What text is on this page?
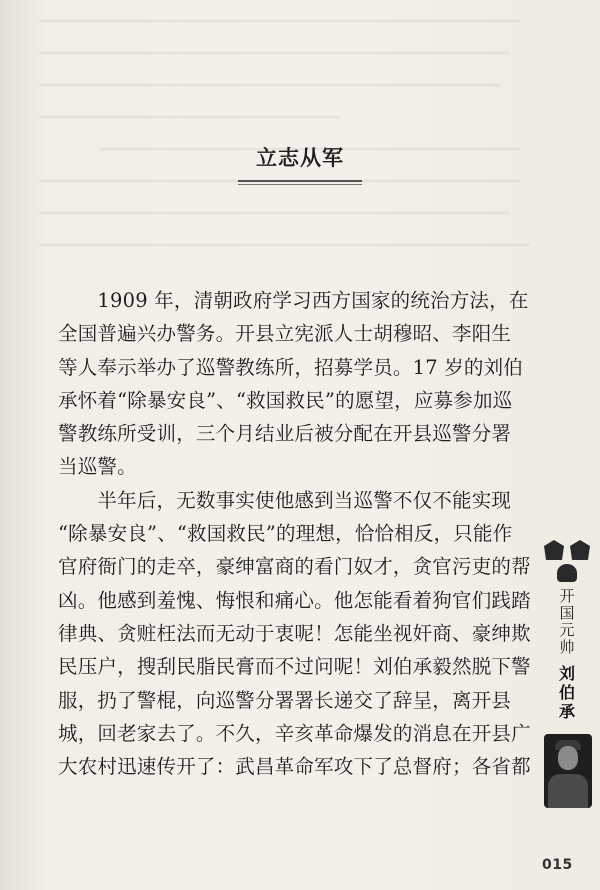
立志从军
　　1909 年，清朝政府学习西方国家的统治方法，在
全国普遍兴办警务。开县立宪派人士胡穆昭、李阳生
等人奉示举办了巡警教练所，招募学员。17 岁的刘伯
承怀着“除暴安良”、“救国救民”的愿望，应募参加巡
警教练所受训，三个月结业后被分配在开县巡警分署
当巡警。
　　半年后，无数事实使他感到当巡警不仅不能实现
“除暴安良”、“救国救民”的理想，恰恰相反，只能作
官府衙门的走卒，豪绅富商的看门奴才，贪官污吏的帮
凶。他感到羞愧、悔恨和痛心。他怎能看着狗官们践踏
律典、贪赃枉法而无动于衷呢！怎能坐视奸商、豪绅欺
民压户，搜刮民脂民膏而不过问呢！刘伯承毅然脱下警
服，扔了警棍，向巡警分署署长递交了辞呈，离开县
城，回老家去了。不久，辛亥革命爆发的消息在开县广
大农村迅速传开了：武昌革命军攻下了总督府；各省都
开国元帅
刘伯承
015
